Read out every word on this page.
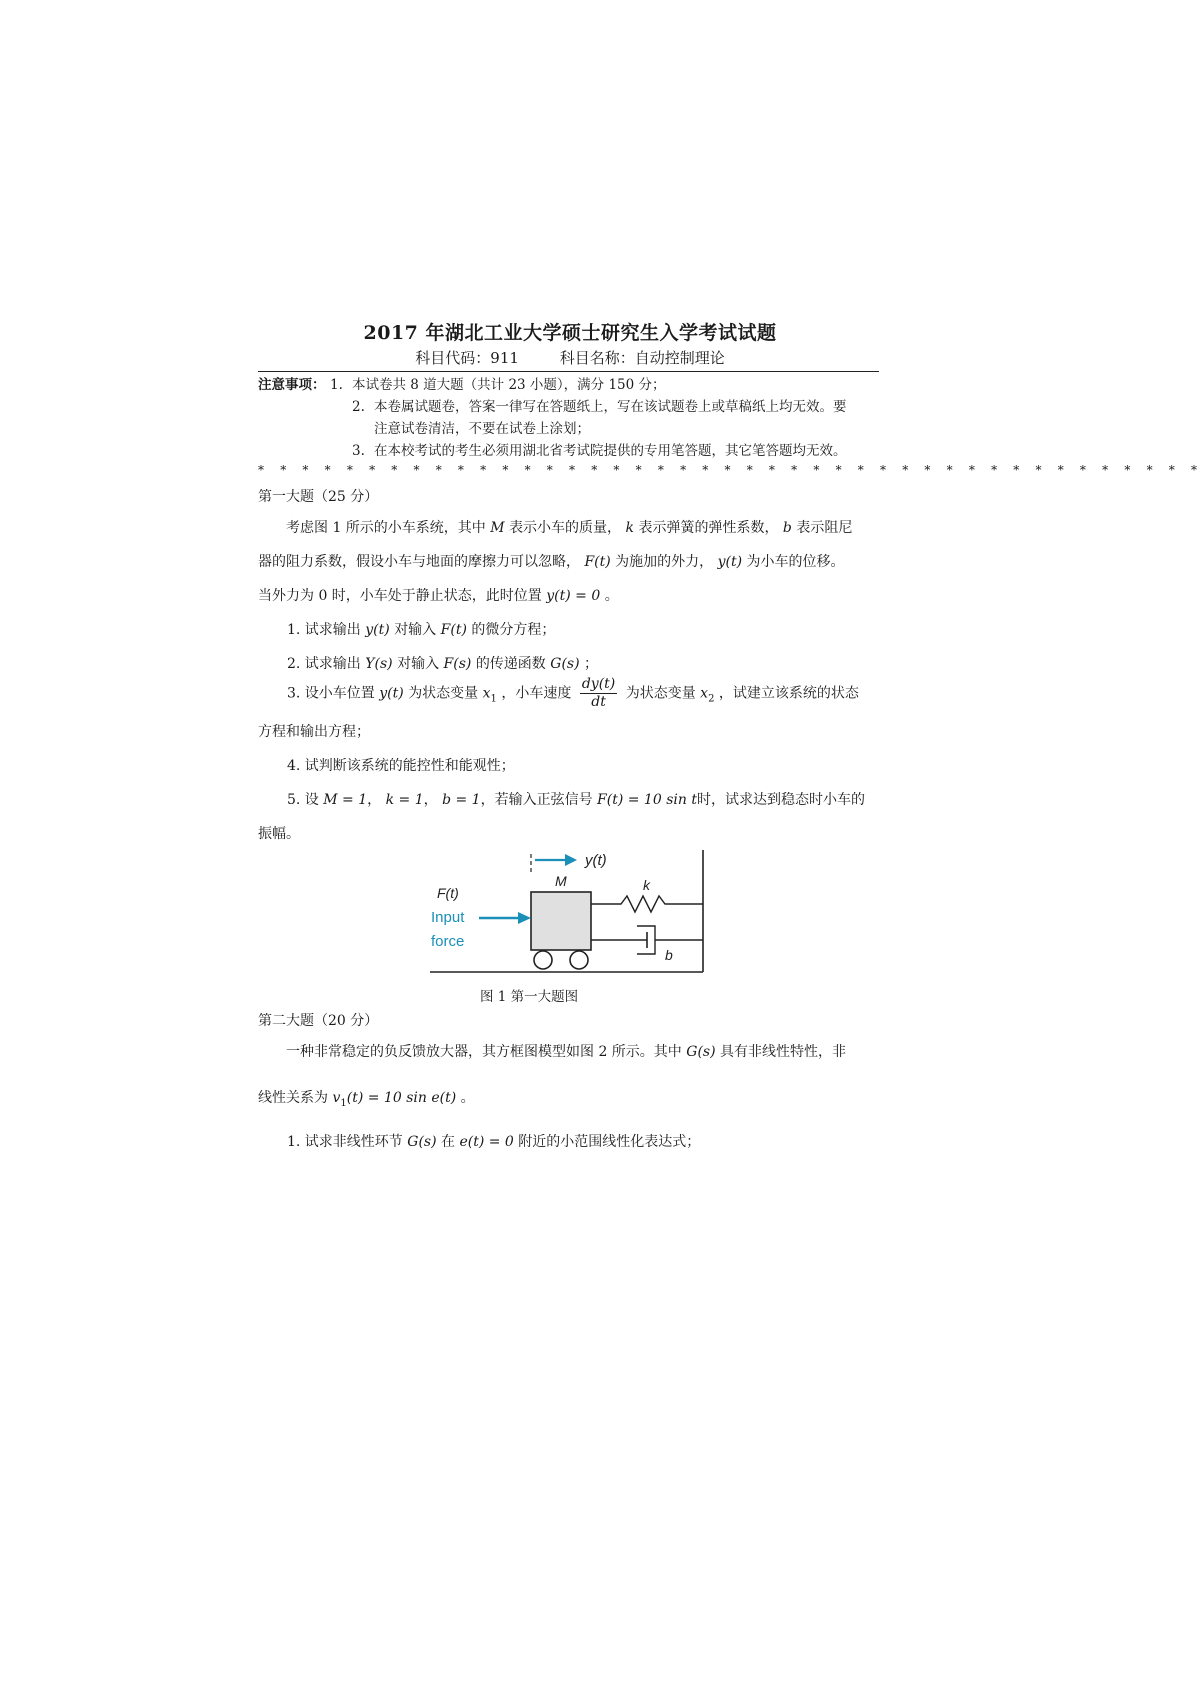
2017 年湖北工业大学硕士研究生入学考试试题
科目代码：911	科目名称：自动控制理论
注意事项： 1. 本试卷共 8 道大题（共计 23 小题），满分 150 分；
2. 本卷属试题卷，答案一律写在答题纸上，写在该试题卷上或草稿纸上均无效。要
注意试卷清洁，不要在试卷上涂划；
3. 在本校考试的考生必须用湖北省考试院提供的专用笔答题，其它笔答题均无效。
* * * * * * * * * * * * * * * * * * * * * * * * * * * * * * * * * * * * * * * * * * *
第一大题（25 分）
考虑图 1 所示的小车系统，其中 M 表示小车的质量， k 表示弹簧的弹性系数， b 表示阻尼
器的阻力系数，假设小车与地面的摩擦力可以忽略， F(t) 为施加的外力， y(t) 为小车的位移。
当外力为 0 时，小车处于静止状态，此时位置 y(t) = 0 。
1. 试求输出 y(t) 对输入 F(t) 的微分方程；
2. 试求输出 Y(s) 对输入 F(s) 的传递函数 G(s) ；
3. 设小车位置 y(t) 为状态变量 $x_1$ ，小车速度 $\frac{dy(t)}{dt}$ 为状态变量 $x_2$ ，试建立该系统的状态
方程和输出方程；
4. 试判断该系统的能控性和能观性；
5. 设 M = 1， k = 1， b = 1，若输入正弦信号 F(t) = 10 sin t时，试求达到稳态时小车的
振幅。
y(t)
M	k
b
F(t)
Input
force
图 1 第一大题图
第二大题（20 分）
一种非常稳定的负反馈放大器，其方框图模型如图 2 所示。其中 G(s) 具有非线性特性，非
线性关系为 $v_1(t) = 10$ sin e(t) 。
1. 试求非线性环节 G(s) 在 e(t) = 0 附近的小范围线性化表达式；
